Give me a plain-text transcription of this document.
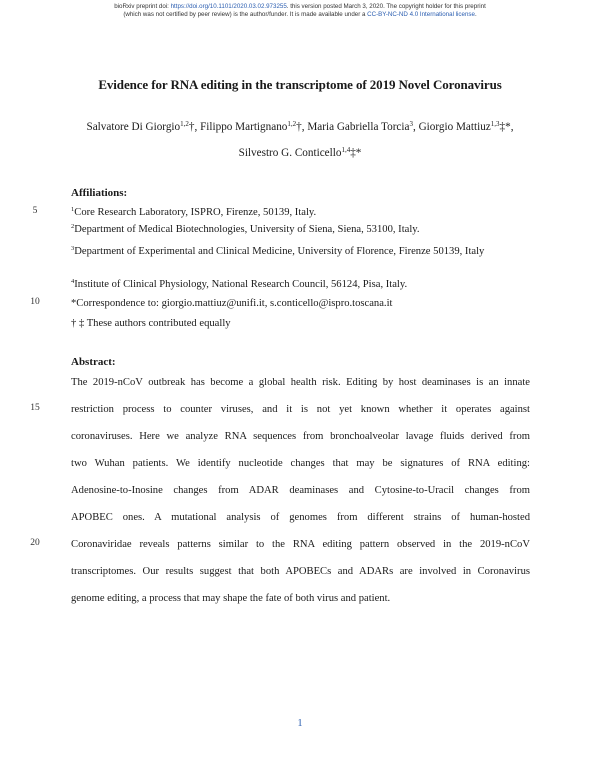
bioRxiv preprint doi: https://doi.org/10.1101/2020.03.02.973255. this version posted March 3, 2020. The copyright holder for this preprint
(which was not certified by peer review) is the author/funder. It is made available under a CC-BY-NC-ND 4.0 International license.
Evidence for RNA editing in the transcriptome of 2019 Novel Coronavirus
Salvatore Di Giorgio$^{1,2}$†, Filippo Martignano$^{1,2}$†, Maria Gabriella Torcia$^3$, Giorgio Mattiuz$^{1,3}$‡*,
Silvestro G. Conticello$^{1,4}$‡*
5
10
15
20
Affiliations:
$^1$Core Research Laboratory, ISPRO, Firenze, 50139, Italy.
$^2$Department of Medical Biotechnologies, University of Siena, Siena, 53100, Italy.
$^3$Department of Experimental and Clinical Medicine, University of Florence, Firenze 50139, Italy
$^4$Institute of Clinical Physiology, National Research Council, 56124, Pisa, Italy.
*Correspondence to: giorgio.mattiuz@unifi.it, s.conticello@ispro.toscana.it
† ‡ These authors contributed equally
Abstract:
The 2019-nCoV outbreak has become a global health risk. Editing by host deaminases is an innate
restriction process to counter viruses, and it is not yet known whether it operates against
coronaviruses. Here we analyze RNA sequences from bronchoalveolar lavage fluids derived from
two Wuhan patients. We identify nucleotide changes that may be signatures of RNA editing:
Adenosine-to-Inosine changes from ADAR deaminases and Cytosine-to-Uracil changes from
APOBEC ones. A mutational analysis of genomes from different strains of human-hosted
Coronaviridae reveals patterns similar to the RNA editing pattern observed in the 2019-nCoV
transcriptomes. Our results suggest that both APOBECs and ADARs are involved in Coronavirus
genome editing, a process that may shape the fate of both virus and patient.
1
